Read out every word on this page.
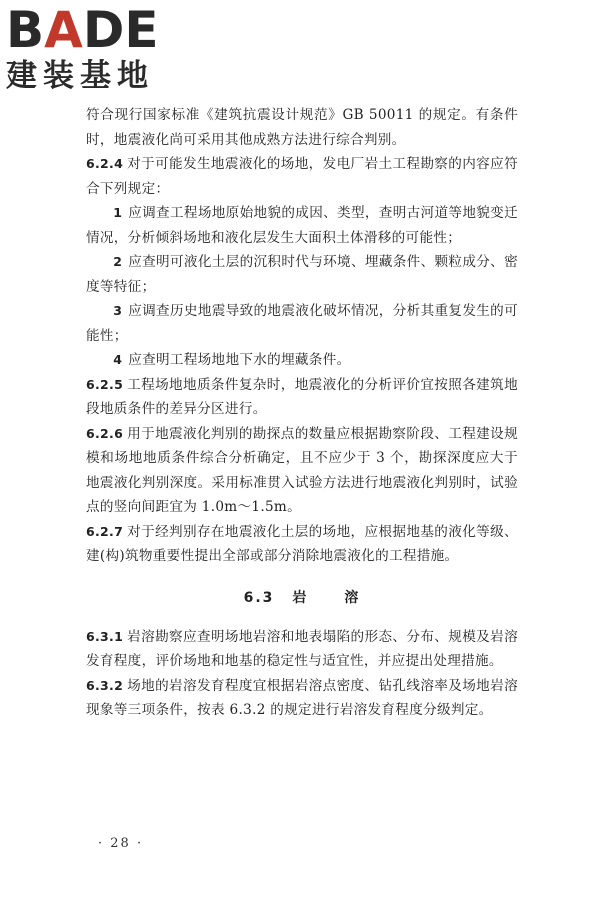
BADE
建装基地

符合现行国家标准《建筑抗震设计规范》GB 50011 的规定。有条件时，地震液化尚可采用其他成熟方法进行综合判别。

6.2.4 对于可能发生地震液化的场地，发电厂岩土工程勘察的内容应符合下列规定：

1 应调查工程场地原始地貌的成因、类型，查明古河道等地貌变迁情况，分析倾斜场地和液化层发生大面积土体滑移的可能性；

2 应查明可液化土层的沉积时代与环境、埋藏条件、颗粒成分、密度等特征；

3 应调查历史地震导致的地震液化破坏情况，分析其重复发生的可能性；

4 应查明工程场地地下水的埋藏条件。

6.2.5 工程场地地质条件复杂时，地震液化的分析评价宜按照各建筑地段地质条件的差异分区进行。

6.2.6 用于地震液化判别的勘探点的数量应根据勘察阶段、工程建设规模和场地地质条件综合分析确定，且不应少于 3 个，勘探深度应大于地震液化判别深度。采用标准贯入试验方法进行地震液化判别时，试验点的竖向间距宜为 1.0m～1.5m。

6.2.7 对于经判别存在地震液化土层的场地，应根据地基的液化等级、建(构)筑物重要性提出全部或部分消除地震液化的工程措施。

6.3 岩	溶

6.3.1 岩溶勘察应查明场地岩溶和地表塌陷的形态、分布、规模及岩溶发育程度，评价场地和地基的稳定性与适宜性，并应提出处理措施。

6.3.2 场地的岩溶发育程度宜根据岩溶点密度、钻孔线溶率及场地岩溶现象等三项条件，按表 6.3.2 的规定进行岩溶发育程度分级判定。

· 28 ·
